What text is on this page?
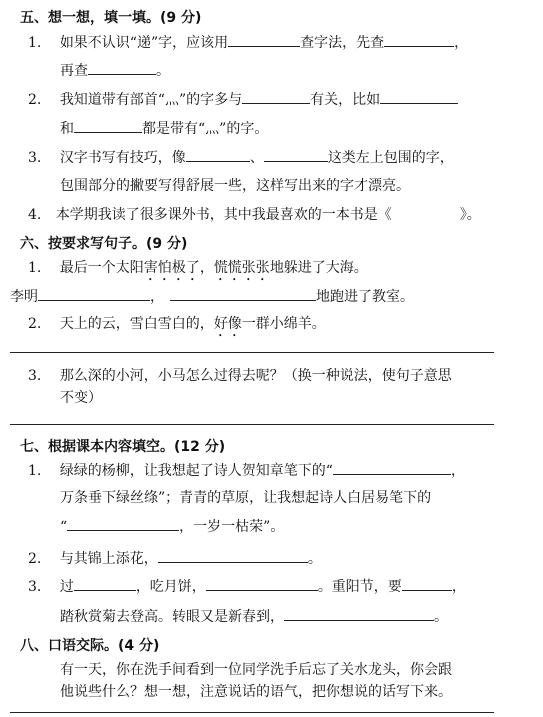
五、想一想，填一填。(9 分)
1. 如果不认识“递”字，应该用	查字法，先查	，
再查	。
2. 我知道带有部首“灬”的字多与	有关，比如
和	都是带有“灬”的字。
3. 汉字书写有技巧，像	、	这类左上包围的字，
包围部分的撇要写得舒展一些，这样写出来的字才漂亮。
4. 本学期我读了很多课外书，其中我最喜欢的一本书是《	》。
六、按要求写句子。(9 分)
1. 最后一个太阳害怕极了，慌慌张张地躲进了大海。
李明	，	地跑进了教室。
2. 天上的云，雪白雪白的，好像一群小绵羊。
3. 那么深的小河，小马怎么过得去呢？（换一种说法，使句子意思
不变）
七、根据课本内容填空。(12 分)
1. 绿绿的杨柳，让我想起了诗人贺知章笔下的“	，
万条垂下绿丝绦”；青青的草原，让我想起诗人白居易笔下的
“	，一岁一枯荣”。
2. 与其锦上添花，	。
3. 过	，吃月饼，	。重阳节，要	，
踏秋赏菊去登高。转眼又是新春到，	。
八、口语交际。(4 分)
有一天，你在洗手间看到一位同学洗手后忘了关水龙头，你会跟
他说些什么？想一想，注意说话的语气，把你想说的话写下来。
